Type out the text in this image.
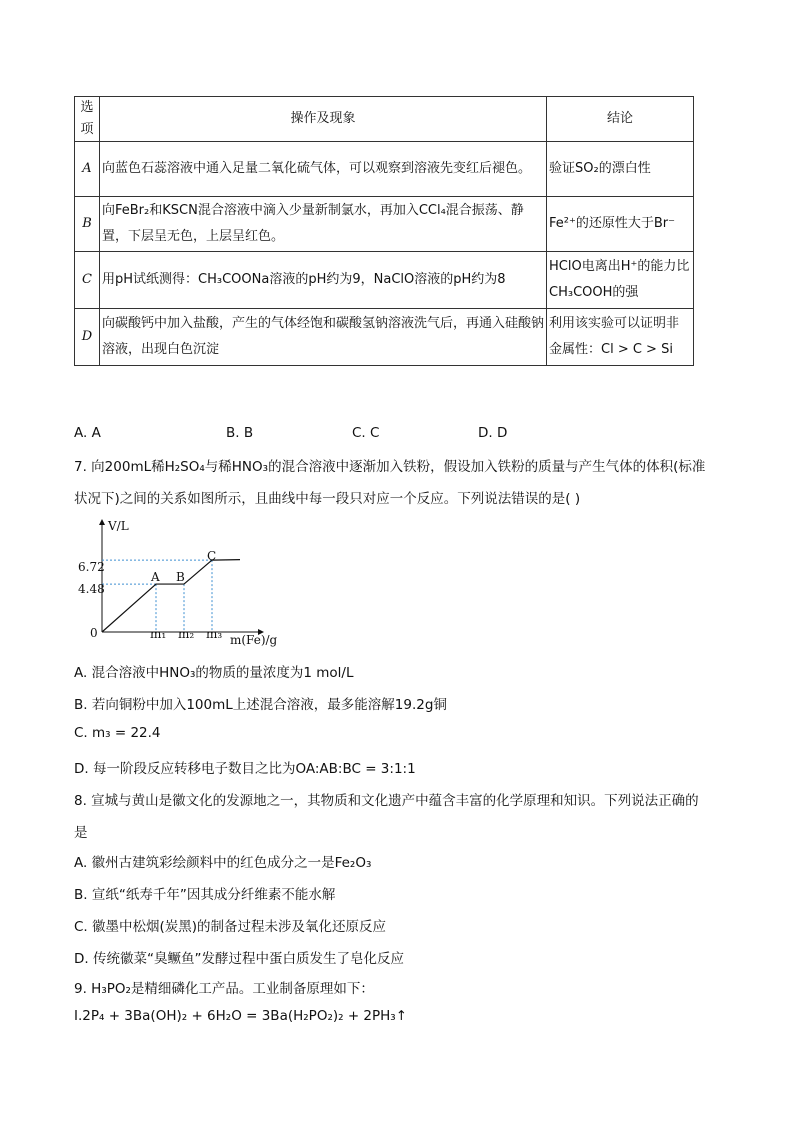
选项	操作及现象	结论
A	向蓝色石蕊溶液中通入足量二氧化硫气体，可以观察到溶液先变红后褪色。	验证SO₂的漂白性
B	向FeBr₂和KSCN混合溶液中滴入少量新制氯水，再加入CCl₄混合振荡、静置，下层呈无色，上层呈红色。	Fe²⁺的还原性大于Br⁻
C	用pH试纸测得：CH₃COONa溶液的pH约为9，NaClO溶液的pH约为8	HClO电离出H⁺的能力比CH₃COOH的强
D	向碳酸钙中加入盐酸，产生的气体经饱和碳酸氢钠溶液洗气后，再通入硅酸钠溶液，出现白色沉淀	利用该实验可以证明非金属性：Cl > C > Si
A. A	B. B	C. C	D. D
7. 向200mL稀H₂SO₄与稀HNO₃的混合溶液中逐渐加入铁粉，假设加入铁粉的质量与产生气体的体积(标准
状况下)之间的关系如图所示，且曲线中每一段只对应一个反应。下列说法错误的是( )
V/L
m(Fe)/g
0
6.72
4.48
m₁ m₂ m₃
A B
C
A. 混合溶液中HNO₃的物质的量浓度为1 mol/L
B. 若向铜粉中加入100mL上述混合溶液，最多能溶解19.2g铜
C. m₃ = 22.4
D. 每一阶段反应转移电子数目之比为OA:AB:BC = 3:1:1
8. 宣城与黄山是徽文化的发源地之一，其物质和文化遗产中蕴含丰富的化学原理和知识。下列说法正确的
是
A. 徽州古建筑彩绘颜料中的红色成分之一是Fe₂O₃
B. 宣纸“纸寿千年”因其成分纤维素不能水解
C. 徽墨中松烟(炭黑)的制备过程未涉及氧化还原反应
D. 传统徽菜“臭鳜鱼”发酵过程中蛋白质发生了皂化反应
9. H₃PO₂是精细磷化工产品。工业制备原理如下：
Ⅰ.2P₄ + 3Ba(OH)₂ + 6H₂O = 3Ba(H₂PO₂)₂ + 2PH₃↑
